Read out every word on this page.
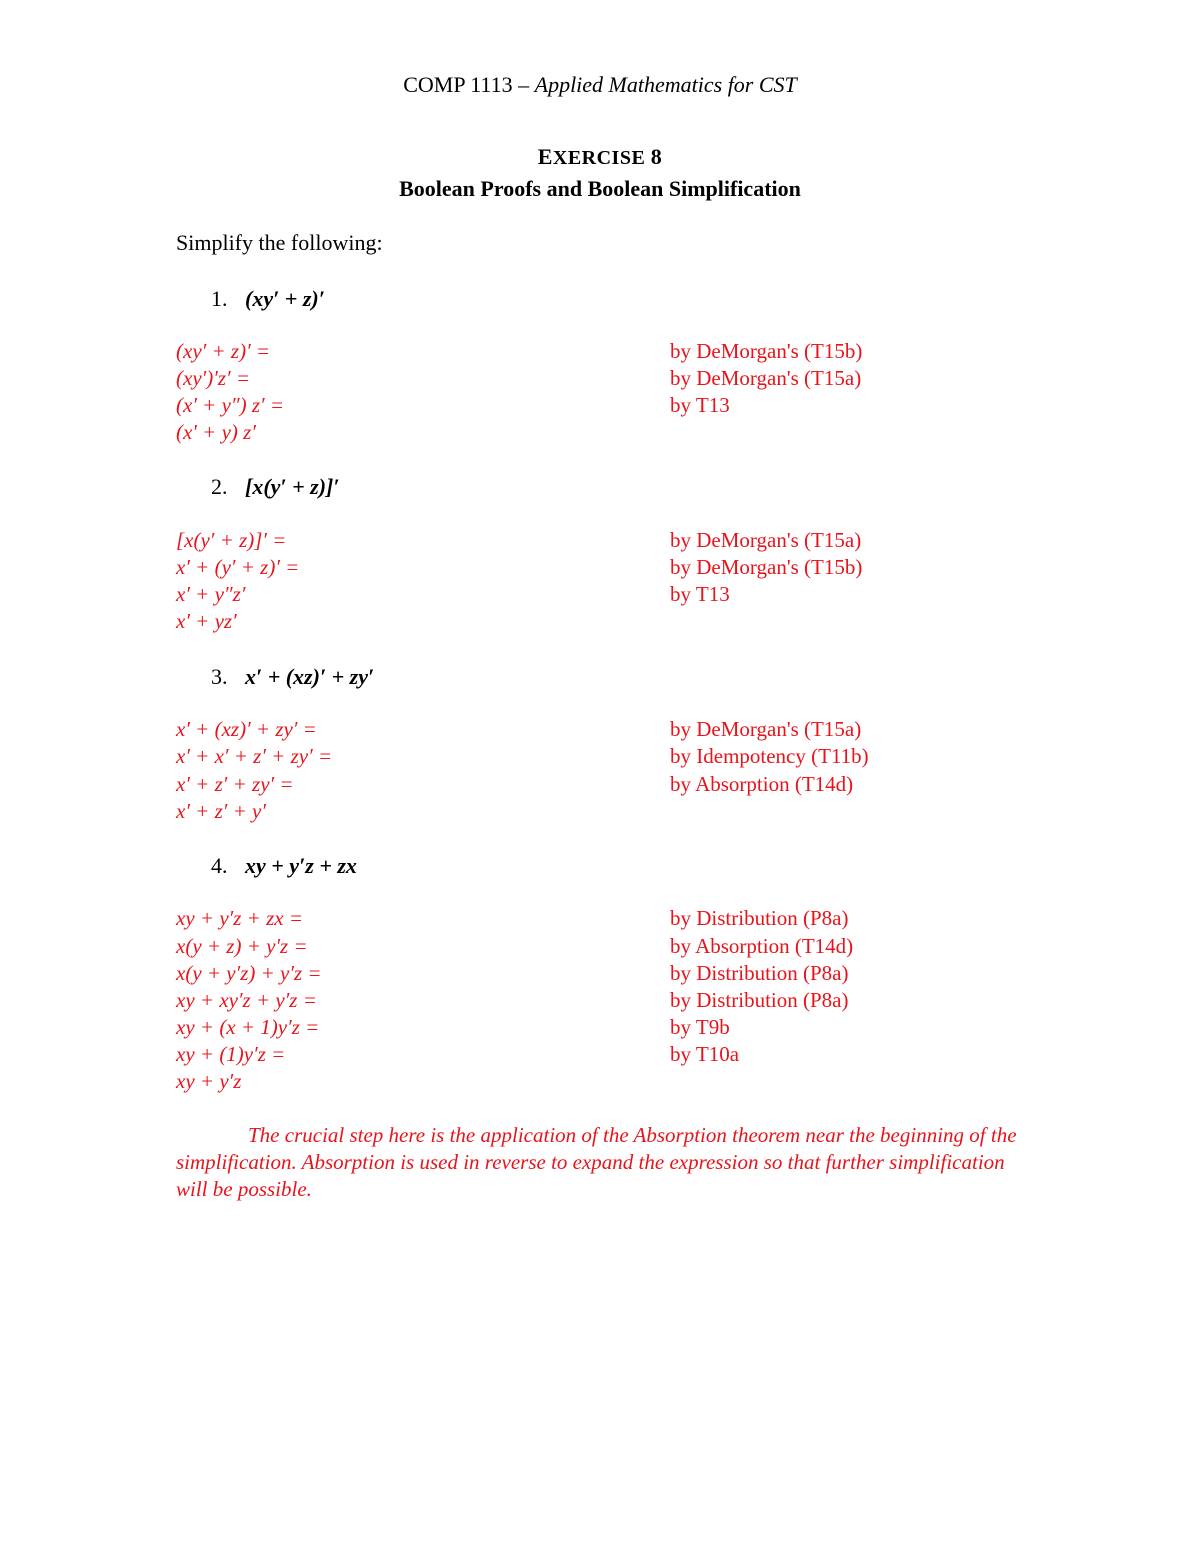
COMP 1113 – Applied Mathematics for CST
EXERCISE 8
Boolean Proofs and Boolean Simplification
Simplify the following:
1. (xy′ + z)′
(xy′ + z)′ =	by DeMorgan's (T15b)
(xy′)′z′ =	by DeMorgan's (T15a)
(x′ + y″) z′ =	by T13
(x′ + y) z′
2. [x(y′ + z)]′
[x(y′ + z)]′ =	by DeMorgan's (T15a)
x′ + (y′ + z)′ =	by DeMorgan's (T15b)
x′ + y″z′	by T13
x′ + yz′
3. x′ + (xz)′ + zy′
x′ + (xz)′ + zy′ =	by DeMorgan's (T15a)
x′ + x′ + z′ + zy′ =	by Idempotency (T11b)
x′ + z′ + zy′ =	by Absorption (T14d)
x′ + z′ + y′
4. xy + y′z + zx
xy + y′z + zx =	by Distribution (P8a)
x(y + z) + y′z =	by Absorption (T14d)
x(y + y′z) + y′z =	by Distribution (P8a)
xy + xy′z + y′z =	by Distribution (P8a)
xy + (x + 1)y′z =	by T9b
xy + (1)y′z =	by T10a
xy + y′z
The crucial step here is the application of the Absorption theorem near the beginning of the simplification. Absorption is used in reverse to expand the expression so that further simplification will be possible.
